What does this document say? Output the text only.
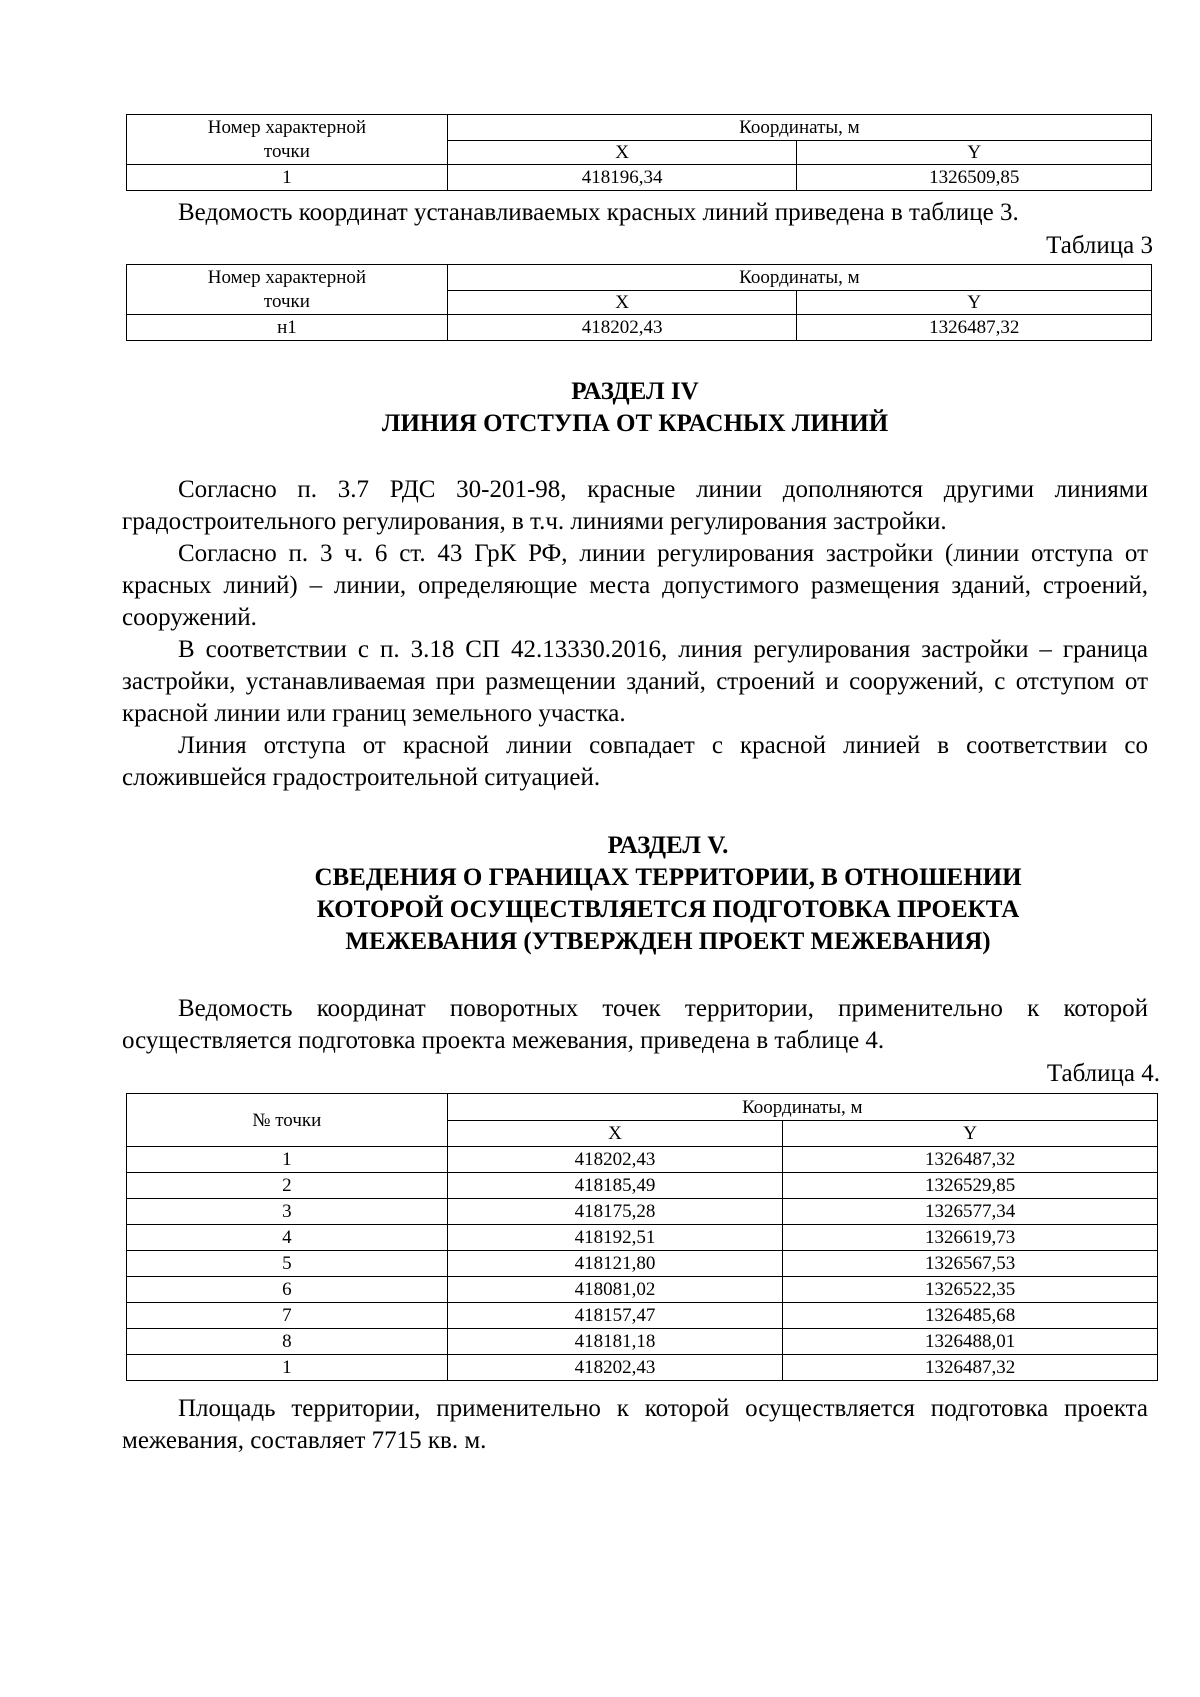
Номер характерной точки	Координаты, м	
	X	Y
1	418196,34	1326509,85

Ведомость координат устанавливаемых красных линий приведена в таблице 3.

Таблица 3

Номер характерной точки	Координаты, м	
	X	Y
н1	418202,43	1326487,32

РАЗДЕЛ IV

ЛИНИЯ ОТСТУПА ОТ КРАСНЫХ ЛИНИЙ

Согласно п. 3.7 РДС 30-201-98, красные линии дополняются другими линиями градостроительного регулирования, в т.ч. линиями регулирования застройки.

Согласно п. 3 ч. 6 ст. 43 ГрК РФ, линии регулирования застройки (линии отступа от красных линий) – линии, определяющие места допустимого размещения зданий, строений, сооружений.

В соответствии с п. 3.18 СП 42.13330.2016, линия регулирования застройки – граница застройки, устанавливаемая при размещении зданий, строений и сооружений, с отступом от красной линии или границ земельного участка.

Линия отступа от красной линии совпадает с красной линией в соответствии со сложившейся градостроительной ситуацией.

РАЗДЕЛ V.

СВЕДЕНИЯ О ГРАНИЦАХ ТЕРРИТОРИИ, В ОТНОШЕНИИ

КОТОРОЙ ОСУЩЕСТВЛЯЕТСЯ ПОДГОТОВКА ПРОЕКТА

МЕЖЕВАНИЯ (УТВЕРЖДЕН ПРОЕКТ МЕЖЕВАНИЯ)

Ведомость координат поворотных точек территории, применительно к которой осуществляется подготовка проекта межевания, приведена в таблице 4.

Таблица 4.

№ точки	Координаты, м	
	X	Y
1	418202,43	1326487,32
2	418185,49	1326529,85
3	418175,28	1326577,34
4	418192,51	1326619,73
5	418121,80	1326567,53
6	418081,02	1326522,35
7	418157,47	1326485,68
8	418181,18	1326488,01
1	418202,43	1326487,32

Площадь территории, применительно к которой осуществляется подготовка проекта межевания, составляет 7715 кв. м.
